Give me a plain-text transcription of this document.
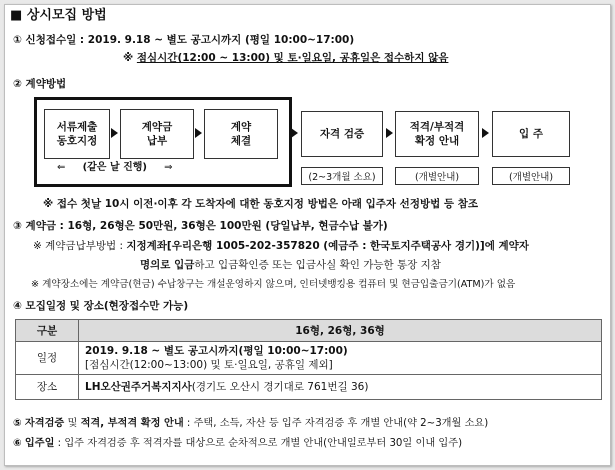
■ 상시모집 방법
① 신청접수일 : 2019. 9.18 ~ 별도 공고시까지 (평일 10:00~17:00)
※ 점심시간(12:00 ~ 13:00) 및 토·일요일, 공휴일은 접수하지 않음
② 계약방법
서류제출
동호지정
계약금
납부
계약
체결
⇐ (같은 날 진행) ⇒
자격 검증
(2~3개월 소요)
적격/부적격
확정 안내
(개별안내)
입 주
(개별안내)
※ 접수 첫날 10시 이전·이후 각 도착자에 대한 동호지정 방법은 아래 입주자 선정방법 등 참조
③ 계약금 : 16형, 26형은 50만원, 36형은 100만원 (당일납부, 현금수납 불가)
※ 계약금납부방법 : 지정계좌[우리은행 1005-202-357820 (예금주 : 한국토지주택공사 경기)]에 계약자
명의로 입금하고 입금확인증 또는 입금사실 확인 가능한 통장 지참
※ 계약장소에는 계약금(현금) 수납창구는 개설운영하지 않으며, 인터넷뱅킹용 컴퓨터 및 현금입출금기(ATM)가 없음
④ 모집일정 및 장소(현장접수만 가능)
구분	16형, 26형, 36형
일정	2019. 9.18 ~ 별도 공고시까지(평일 10:00~17:00)
[점심시간(12:00~13:00) 및 토·일요일, 공휴일 제외]

장소	LH오산권주거복지지사(경기도 오산시 경기대로 761번길 36)
⑤ 자격검증 및 적격, 부적격 확정 안내 : 주택, 소득, 자산 등 입주 자격검증 후 개별 안내(약 2~3개월 소요)
⑥ 입주일 : 입주 자격검증 후 적격자를 대상으로 순차적으로 개별 안내(안내일로부터 30일 이내 입주)
